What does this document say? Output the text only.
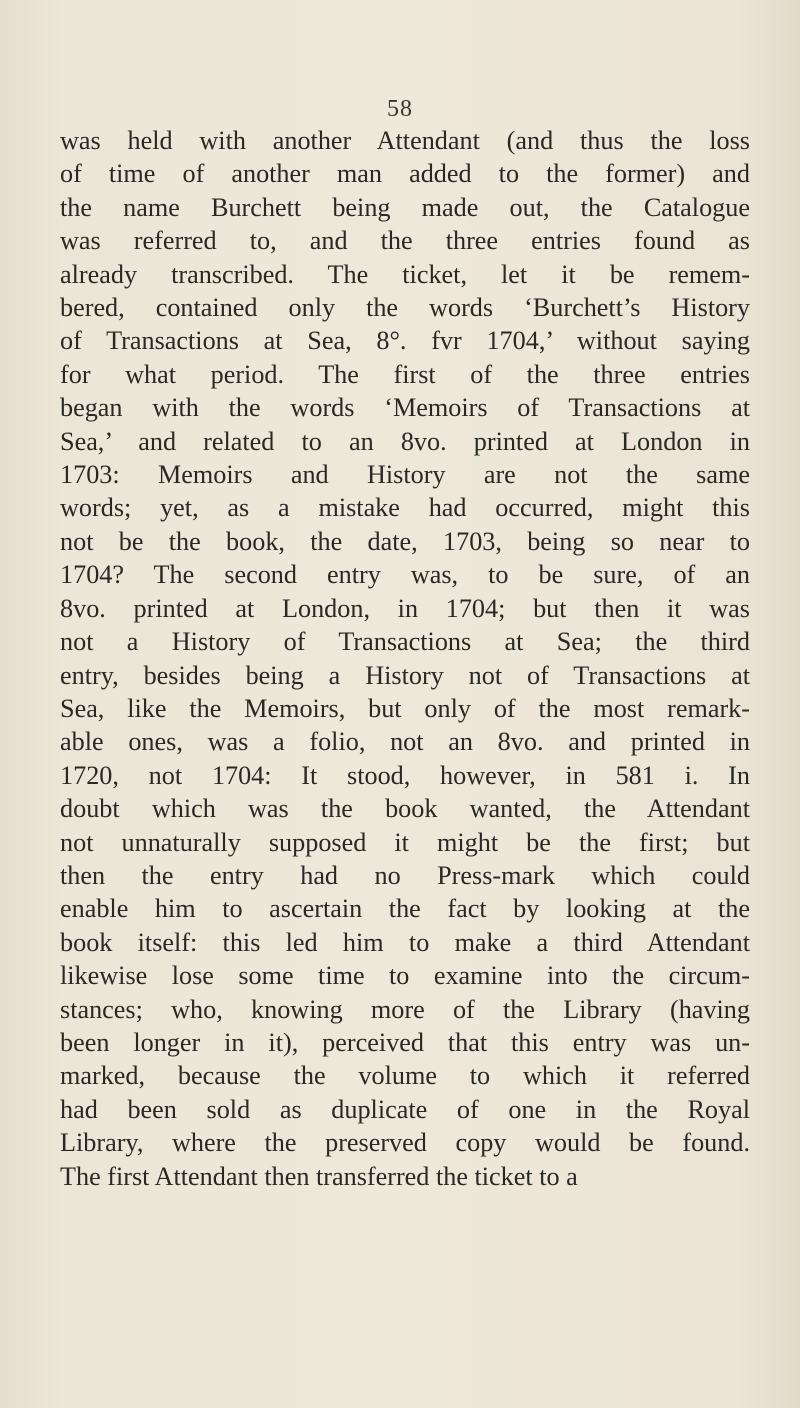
58
was held with another Attendant (and thus the loss
of time of another man added to the former) and
the name Burchett being made out, the Catalogue
was referred to, and the three entries found as
already transcribed. The ticket, let it be remem-
bered, contained only the words ‘Burchett’s History
of Transactions at Sea, 8°. fvr 1704,’ without saying
for what period. The first of the three entries
began with the words ‘Memoirs of Transactions at
Sea,’ and related to an 8vo. printed at London in
1703: Memoirs and History are not the same
words; yet, as a mistake had occurred, might this
not be the book, the date, 1703, being so near to
1704? The second entry was, to be sure, of an
8vo. printed at London, in 1704; but then it was
not a History of Transactions at Sea; the third
entry, besides being a History not of Transactions at
Sea, like the Memoirs, but only of the most remark-
able ones, was a folio, not an 8vo. and printed in
1720, not 1704: It stood, however, in 581 i. In
doubt which was the book wanted, the Attendant
not unnaturally supposed it might be the first; but
then the entry had no Press-mark which could
enable him to ascertain the fact by looking at the
book itself: this led him to make a third Attendant
likewise lose some time to examine into the circum-
stances; who, knowing more of the Library (having
been longer in it), perceived that this entry was un-
marked, because the volume to which it referred
had been sold as duplicate of one in the Royal
Library, where the preserved copy would be found.
The first Attendant then transferred the ticket to a
